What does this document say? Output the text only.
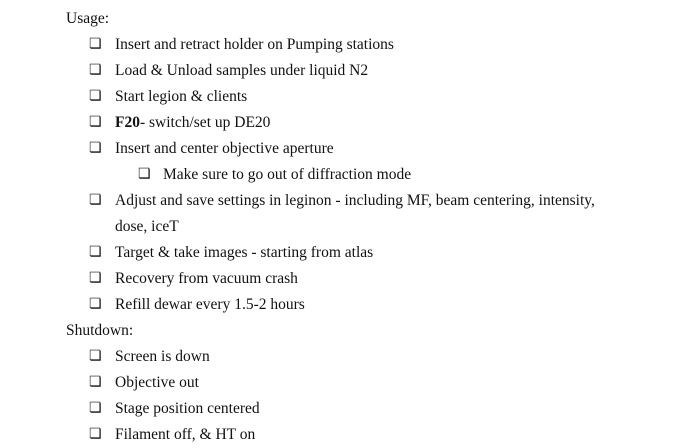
Usage:
❏ Insert and retract holder on Pumping stations
❏ Load & Unload samples under liquid N2
❏ Start legion & clients
❏ F20- switch/set up DE20
❏ Insert and center objective aperture
❏ Make sure to go out of diffraction mode
❏ Adjust and save settings in leginon - including MF, beam centering, intensity,
dose, iceT
❏ Target & take images - starting from atlas
❏ Recovery from vacuum crash
❏ Refill dewar every 1.5-2 hours
Shutdown:
❏ Screen is down
❏ Objective out
❏ Stage position centered
❏ Filament off, & HT on
